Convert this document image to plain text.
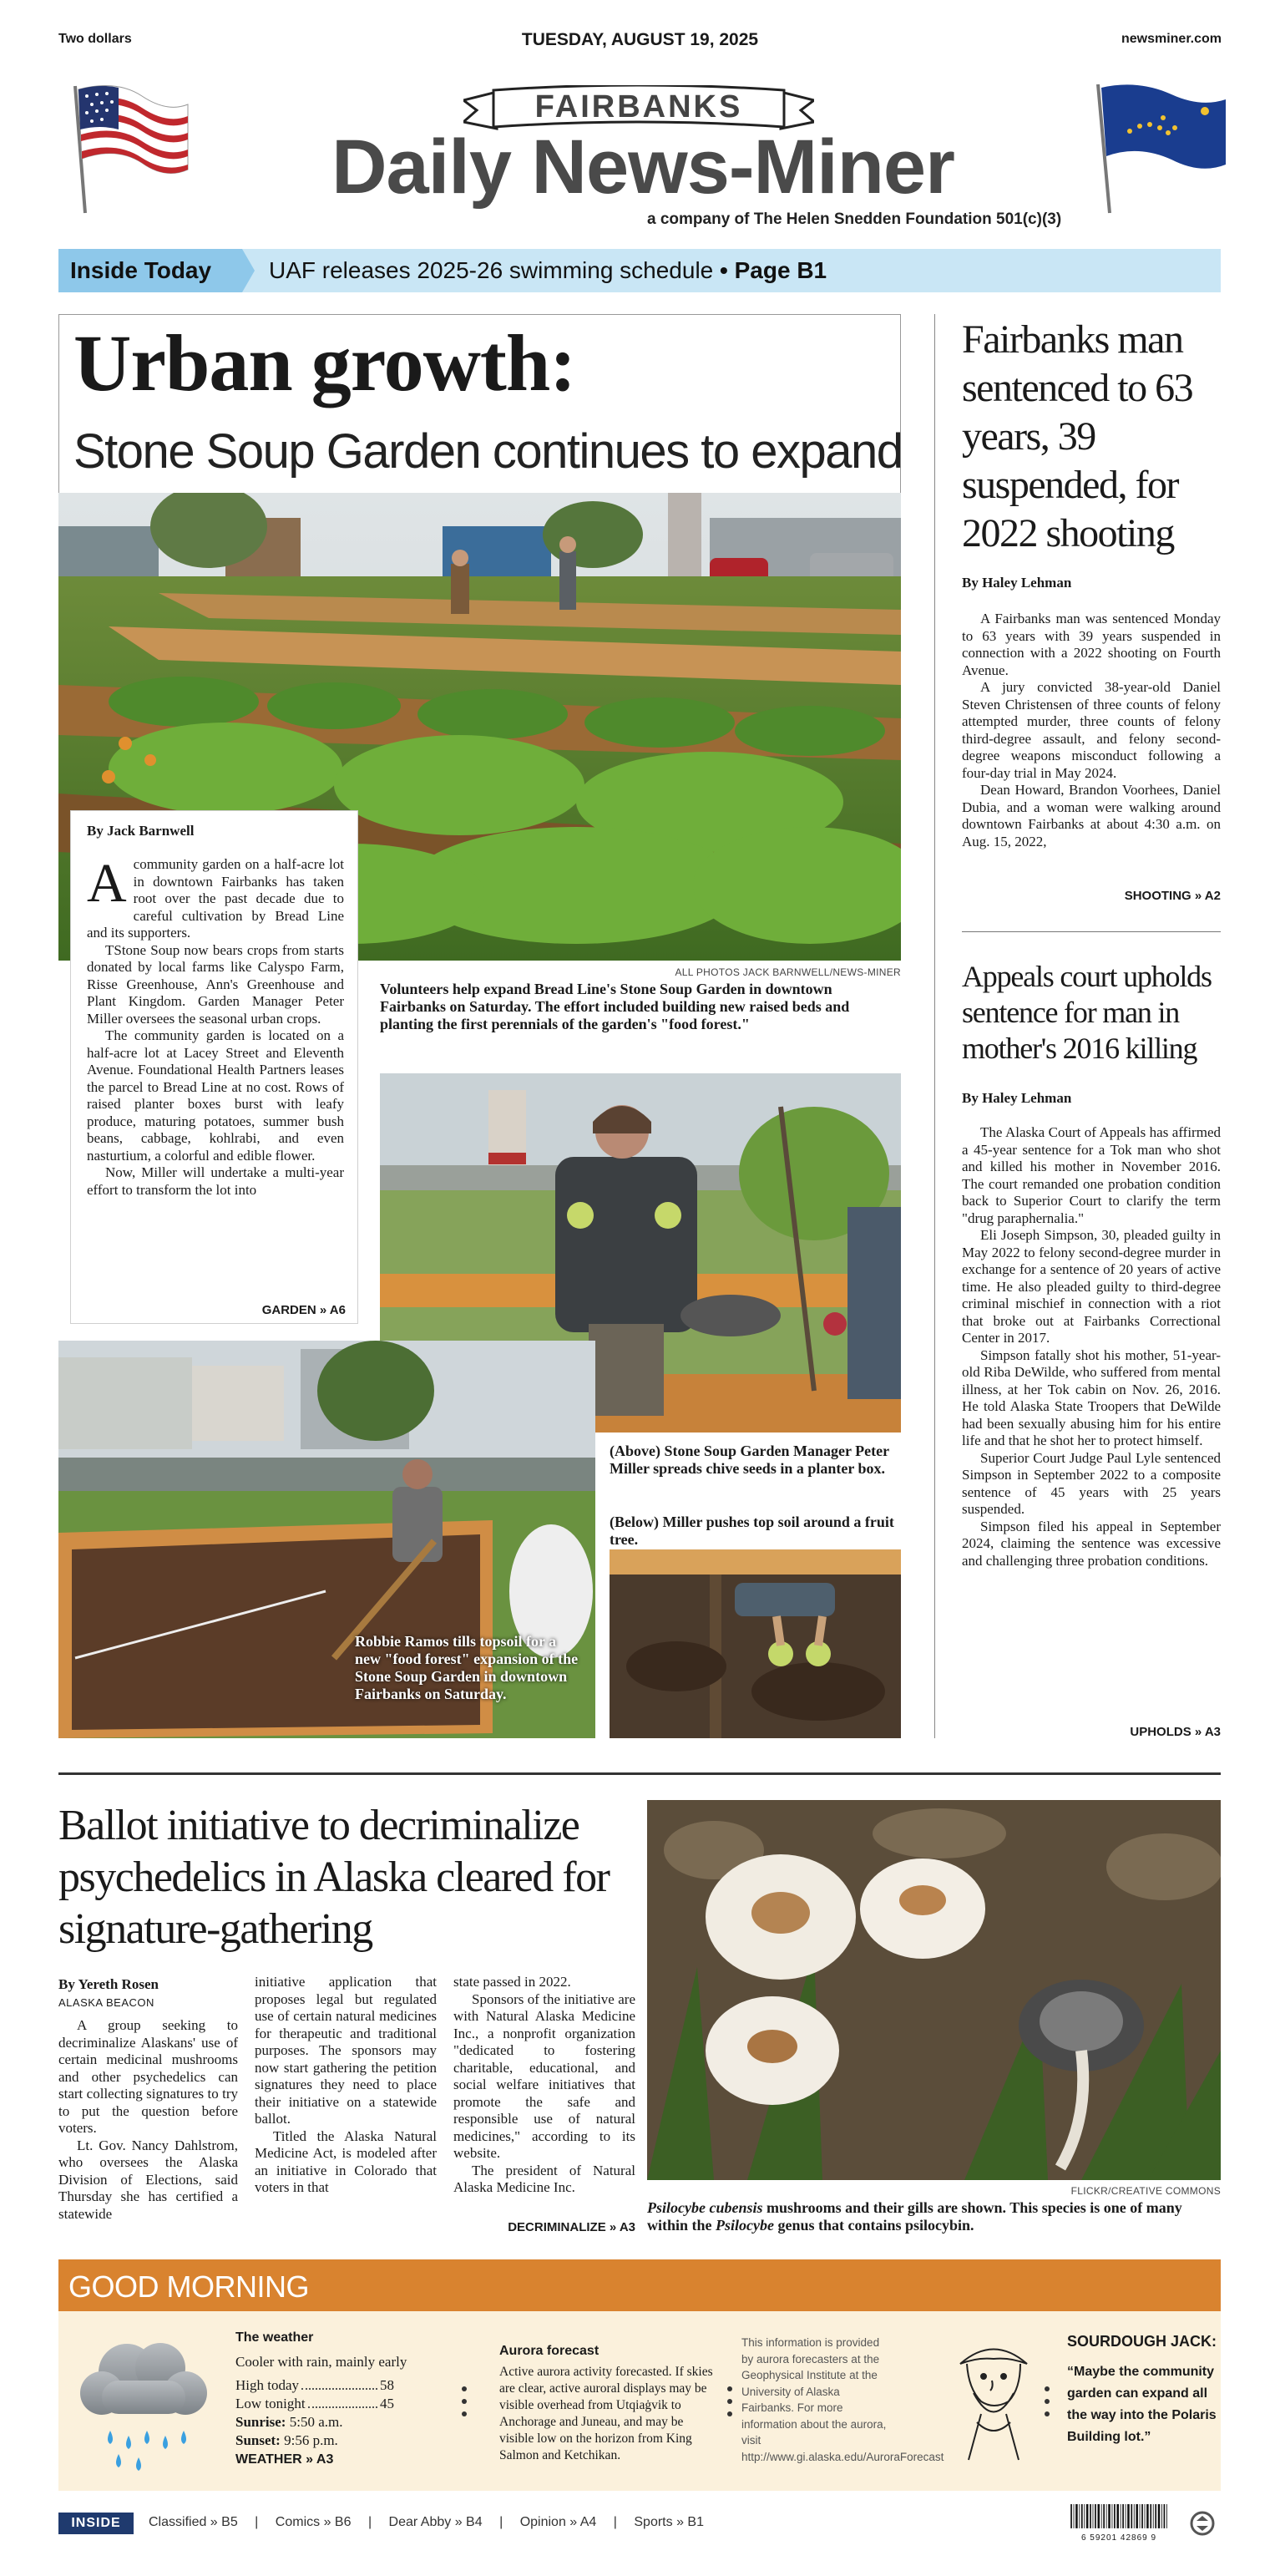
Two dollars	TUESDAY, AUGUST 19, 2025	newsminer.com
FAIRBANKS
Daily News-Miner
a company of The Helen Snedden Foundation 501(c)(3)
Inside Today UAF releases 2025-26 swimming schedule • Page B1
Urban growth:
Stone Soup Garden continues to expand
By Jack Barnwell
Acommunity garden on a half-acre lot in downtown Fairbanks has taken root over the past decade due to careful cultivation by Bread Line and its supporters.

TStone Soup now bears crops from starts donated by local farms like Calyspo Farm, Risse Greenhouse, Ann's Greenhouse and Plant Kingdom. Garden Manager Peter Miller oversees the seasonal urban crops.

The community garden is located on a half-acre lot at Lacey Street and Eleventh Avenue. Foundational Health Partners leases the parcel to Bread Line at no cost. Rows of raised planter boxes burst with leafy produce, maturing potatoes, summer bush beans, cabbage, kohlrabi, and even nasturtium, a colorful and edible flower.

Now, Miller will undertake a multi-year effort to transform the lot into

GARDEN » A6
ALL PHOTOS JACK BARNWELL/NEWS-MINER
Volunteers help expand Bread Line's Stone Soup Garden in downtown Fairbanks on Saturday. The effort included building new raised beds and planting the first perennials of the garden's "food forest."
Robbie Ramos tills topsoil for a new "food forest" expansion of the Stone Soup Garden in downtown Fairbanks on Saturday.
(Above) Stone Soup Garden Manager Peter Miller spreads chive seeds in a planter box.
(Below) Miller pushes top soil around a fruit tree.
Fairbanks man sentenced to 63 years, 39 suspended, for 2022 shooting
By Haley Lehman

A Fairbanks man was sentenced Monday to 63 years with 39 years suspended in connection with a 2022 shooting on Fourth Avenue.

A jury convicted 38-year-old Daniel Steven Christensen of three counts of felony attempted murder, three counts of felony third-degree assault, and felony second-degree weapons misconduct following a four-day trial in May 2024.

Dean Howard, Brandon Voorhees, Daniel Dubia, and a woman were walking around downtown Fairbanks at about 4:30 a.m. on Aug. 15, 2022,

SHOOTING » A2
Appeals court upholds sentence for man in mother's 2016 killing
By Haley Lehman

The Alaska Court of Appeals has affirmed a 45-year sentence for a Tok man who shot and killed his mother in November 2016. The court remanded one probation condition back to Superior Court to clarify the term "drug paraphernalia."

Eli Joseph Simpson, 30, pleaded guilty in May 2022 to felony second-degree murder in exchange for a sentence of 20 years of active time. He also pleaded guilty to third-degree criminal mischief in connection with a riot that broke out at Fairbanks Correctional Center in 2017.

Simpson fatally shot his mother, 51-year-old Riba DeWilde, who suffered from mental illness, at her Tok cabin on Nov. 26, 2016. He told Alaska State Troopers that DeWilde had been sexually abusing him for his entire life and that he shot her to protect himself.

Superior Court Judge Paul Lyle sentenced Simpson in September 2022 to a composite sentence of 45 years with 25 years suspended.

Simpson filed his appeal in September 2024, claiming the sentence was excessive and challenging three probation conditions.

UPHOLDS » A3
Ballot initiative to decriminalize psychedelics in Alaska cleared for signature-gathering
By Yereth Rosen
ALASKA BEACON

A group seeking to decriminalize Alaskans' use of certain medicinal mushrooms and other psychedelics can start collecting signatures to try to put the question before voters.

Lt. Gov. Nancy Dahlstrom, who oversees the Alaska Division of Elections, said Thursday she has certified a statewide

initiative application that proposes legal but regulated use of certain natural medicines for therapeutic and traditional purposes. The sponsors may now start gathering the petition signatures they need to place their initiative on a statewide ballot.

Titled the Alaska Natural Medicine Act, is modeled after an initiative in Colorado that voters in that

state passed in 2022.

Sponsors of the initiative are with Natural Alaska Medicine Inc., a nonprofit organization "dedicated to fostering charitable, educational, and social welfare initiatives that promote the safe and responsible use of natural medicines," according to its website.

The president of Natural Alaska Medicine Inc.

DECRIMINALIZE » A3
FLICKR/CREATIVE COMMONS
Psilocybe cubensis mushrooms and their gills are shown. This species is one of many within the Psilocybe genus that contains psilocybin.
GOOD MORNING
The weather
Cooler with rain, mainly early
High today	58
Low tonight	45
Sunrise: 5:50 a.m.
Sunset: 9:56 p.m.
WEATHER » A3
Aurora forecast
Active aurora activity forecasted. If skies are clear, active auroral displays may be visible overhead from Utqiaġvik to Anchorage and Juneau, and may be visible low on the horizon from King Salmon and Ketchikan.
This information is provided by aurora forecasters at the Geophysical Institute at the University of Alaska Fairbanks. For more information about the aurora, visit http://www.gi.alaska.edu/AuroraForecast
SOURDOUGH JACK:
“Maybe the community garden can expand all the way into the Polaris Building lot.”
INSIDE	Classified » B5 | Comics » B6 | Dear Abby » B4 | Opinion » A4 | Sports » B1
6 59201 42869 9
